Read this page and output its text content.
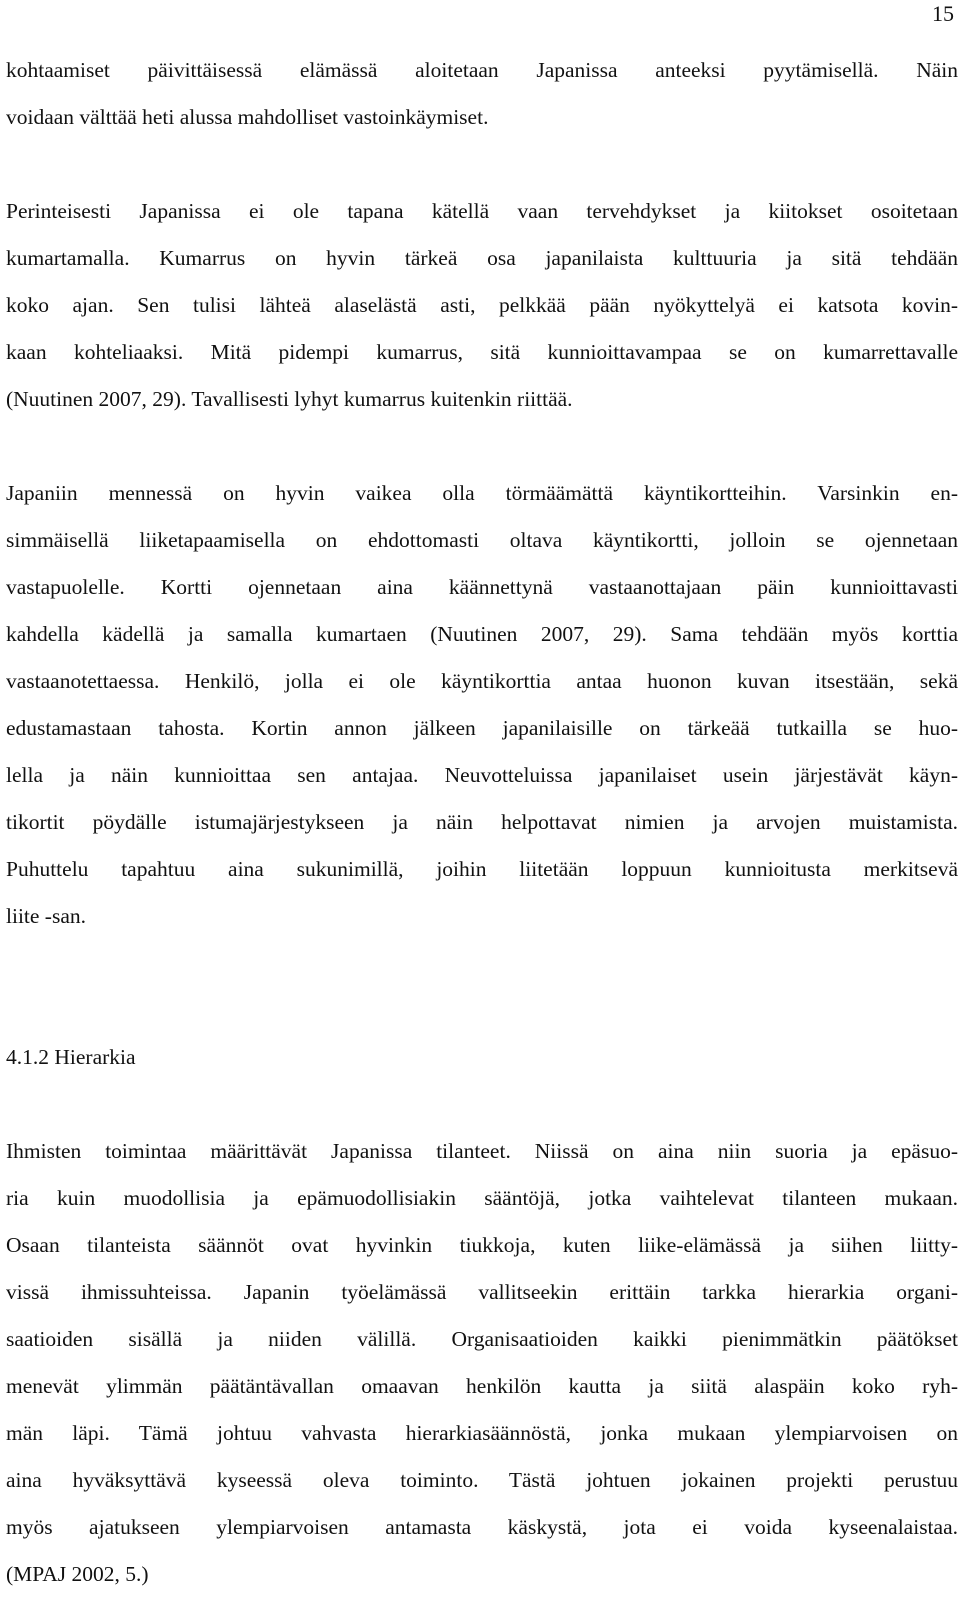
15
kohtaamiset päivittäisessä elämässä aloitetaan Japanissa anteeksi pyytämisellä. Näin
voidaan välttää heti alussa mahdolliset vastoinkäymiset.
Perinteisesti Japanissa ei ole tapana kätellä vaan tervehdykset ja kiitokset osoitetaan
kumartamalla. Kumarrus on hyvin tärkeä osa japanilaista kulttuuria ja sitä tehdään
koko ajan. Sen tulisi lähteä alaselästä asti, pelkkää pään nyökyttelyä ei katsota kovin-
kaan kohteliaaksi. Mitä pidempi kumarrus, sitä kunnioittavampaa se on kumarrettavalle
(Nuutinen 2007, 29). Tavallisesti lyhyt kumarrus kuitenkin riittää.
Japaniin mennessä on hyvin vaikea olla törmäämättä käyntikortteihin. Varsinkin en-
simmäisellä liiketapaamisella on ehdottomasti oltava käyntikortti, jolloin se ojennetaan
vastapuolelle. Kortti ojennetaan aina käännettynä vastaanottajaan päin kunnioittavasti
kahdella kädellä ja samalla kumartaen (Nuutinen 2007, 29). Sama tehdään myös korttia
vastaanotettaessa. Henkilö, jolla ei ole käyntikorttia antaa huonon kuvan itsestään, sekä
edustamastaan tahosta. Kortin annon jälkeen japanilaisille on tärkeää tutkailla se huo-
lella ja näin kunnioittaa sen antajaa. Neuvotteluissa japanilaiset usein järjestävät käyn-
tikortit pöydälle istumajärjestykseen ja näin helpottavat nimien ja arvojen muistamista.
Puhuttelu tapahtuu aina sukunimillä, joihin liitetään loppuun kunnioitusta merkitsevä
liite -san.
4.1.2 Hierarkia
Ihmisten toimintaa määrittävät Japanissa tilanteet. Niissä on aina niin suoria ja epäsuo-
ria kuin muodollisia ja epämuodollisiakin sääntöjä, jotka vaihtelevat tilanteen mukaan.
Osaan tilanteista säännöt ovat hyvinkin tiukkoja, kuten liike-elämässä ja siihen liitty-
vissä ihmissuhteissa. Japanin työelämässä vallitseekin erittäin tarkka hierarkia organi-
saatioiden sisällä ja niiden välillä. Organisaatioiden kaikki pienimmätkin päätökset
menevät ylimmän päätäntävallan omaavan henkilön kautta ja siitä alaspäin koko ryh-
män läpi. Tämä johtuu vahvasta hierarkiasäännöstä, jonka mukaan ylempiarvoisen on
aina hyväksyttävä kyseessä oleva toiminto. Tästä johtuen jokainen projekti perustuu
myös ajatukseen ylempiarvoisen antamasta käskystä, jota ei voida kyseenalaistaa.
(MPAJ 2002, 5.)
